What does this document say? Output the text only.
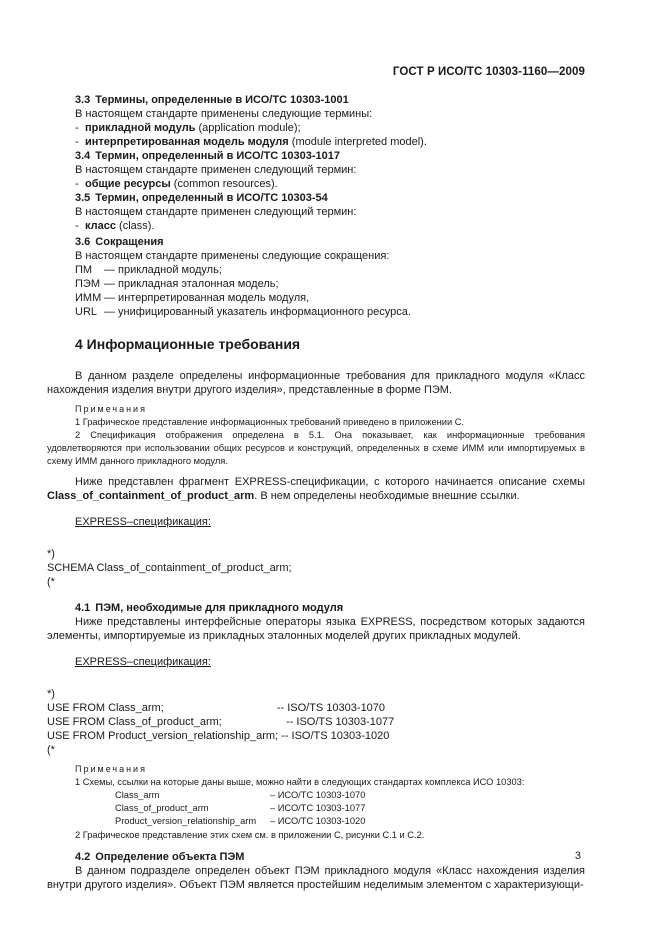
ГОСТ Р ИСО/ТС 10303-1160—2009
3.3 Термины, определенные в ИСО/ТС 10303-1001
В настоящем стандарте применены следующие термины:
- прикладной модуль (application module);
- интерпретированная модель модуля (module interpreted model).
3.4 Термин, определенный в ИСО/ТС 10303-1017
В настоящем стандарте применен следующий термин:
- общие ресурсы (common resources).
3.5 Термин, определенный в ИСО/ТС 10303-54
В настоящем стандарте применен следующий термин:
- класс (class).
3.6 Сокращения
В настоящем стандарте применены следующие сокращения:
ПМ — прикладной модуль;
ПЭМ — прикладная эталонная модель;
ИММ — интерпретированная модель модуля,
URL — унифицированный указатель информационного ресурса.
4 Информационные требования
В данном разделе определены информационные требования для прикладного модуля «Класс нахождения изделия внутри другого изделия», представленные в форме ПЭМ.
Примечания
1 Графическое представление информационных требований приведено в приложении С.
2 Спецификация отображения определена в 5.1. Она показывает, как информационные требования удовлетворяются при использовании общих ресурсов и конструкций, определенных в схеме ИММ или импортируемых в схему ИММ данного прикладного модуля.
Ниже представлен фрагмент EXPRESS-спецификации, с которого начинается описание схемы Class_of_containment_of_product_arm. В нем определены необходимые внешние ссылки.
EXPRESS–спецификация:
*)
SCHEMA Class_of_containment_of_product_arm;
(*
4.1 ПЭМ, необходимые для прикладного модуля
Ниже представлены интерфейсные операторы языка EXPRESS, посредством которых задаются элементы, импортируемые из прикладных эталонных моделей других прикладных модулей.
EXPRESS–спецификация:
*)
USE FROM Class_arm;                                     -- ISO/TS 10303-1070
USE FROM Class_of_product_arm;                     -- ISO/TS 10303-1077
USE FROM Product_version_relationship_arm; -- ISO/TS 10303-1020
(*
Примечания
1 Схемы, ссылки на которые даны выше, можно найти в следующих стандартах комплекса ИСО 10303:
Class_arm	– ИСО/ТС 10303-1070
Class_of_product_arm	– ИСО/ТС 10303-1077
Product_version_relationship_arm – ИСО/ТС 10303-1020
2 Графическое представление этих схем см. в приложении С, рисунки С.1 и С.2.
4.2 Определение объекта ПЭМ
В данном подразделе определен объект ПЭМ прикладного модуля «Класс нахождения изделия внутри другого изделия». Объект ПЭМ является простейшим неделимым элементом с характеризующи-
3
